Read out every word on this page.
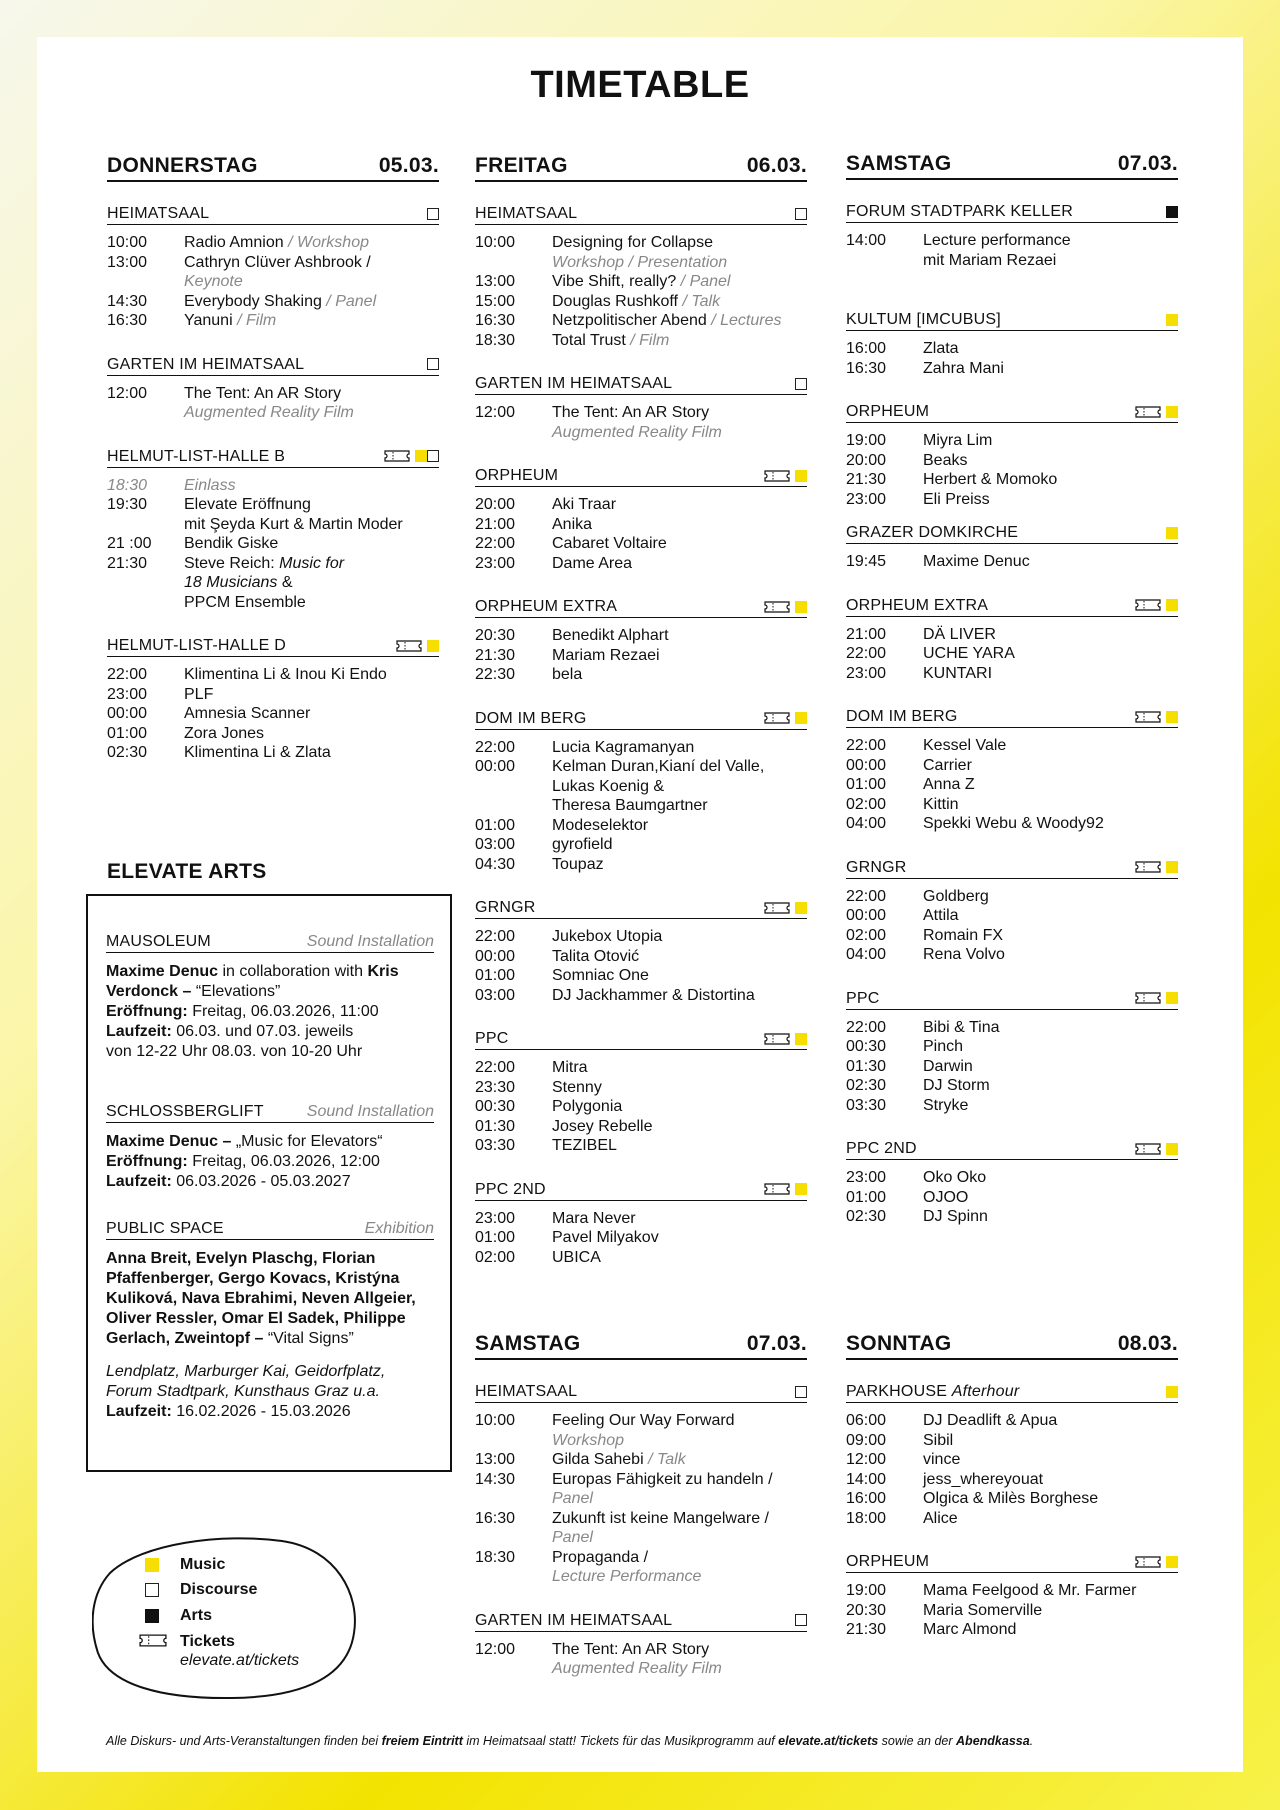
TIMETABLE
DONNERSTAG	05.03.
HEIMATSAAL
10:00	Radio Amnion / Workshop
13:00	Cathryn Clüver Ashbrook /
Keynote
14:30	Everybody Shaking / Panel
16:30	Yanuni / Film
GARTEN IM HEIMATSAAL
12:00	The Tent: An AR Story
Augmented Reality Film
HELMUT-LIST-HALLE B
18:30	Einlass
19:30	Elevate Eröffnung
mit Şeyda Kurt & Martin Moder
21 :00	Bendik Giske
21:30	Steve Reich: Music for
18 Musicians &
PPCM Ensemble
HELMUT-LIST-HALLE D
22:00	Klimentina Li & Inou Ki Endo
23:00	PLF
00:00	Amnesia Scanner
01:00	Zora Jones
02:30	Klimentina Li & Zlata
ELEVATE ARTS
MAUSOLEUM	Sound Installation
Maxime Denuc in collaboration with Kris
Verdonck – “Elevations”
Eröffnung: Freitag, 06.03.2026, 11:00
Laufzeit: 06.03. und 07.03. jeweils
von 12-22 Uhr 08.03. von 10-20 Uhr
SCHLOSSBERGLIFT	Sound Installation
Maxime Denuc – „Music for Elevators“
Eröffnung: Freitag, 06.03.2026, 12:00
Laufzeit: 06.03.2026 - 05.03.2027
PUBLIC SPACE	Exhibition
Anna Breit, Evelyn Plaschg, Florian
Pfaffenberger, Gergo Kovacs, Kristýna
Kuliková, Nava Ebrahimi, Neven Allgeier,
Oliver Ressler, Omar El Sadek, Philippe
Gerlach, Zweintopf – “Vital Signs”
Lendplatz, Marburger Kai, Geidorfplatz,
Forum Stadtpark, Kunsthaus Graz u.a.
Laufzeit: 16.02.2026 - 15.03.2026
Music
Discourse
Arts
Tickets
elevate.at/tickets
FREITAG	06.03.
HEIMATSAAL
10:00	Designing for Collapse
Workshop / Presentation
13:00	Vibe Shift, really? / Panel
15:00	Douglas Rushkoff / Talk
16:30	Netzpolitischer Abend / Lectures
18:30	Total Trust / Film
GARTEN IM HEIMATSAAL
12:00	The Tent: An AR Story
Augmented Reality Film
ORPHEUM
20:00	Aki Traar
21:00	Anika
22:00	Cabaret Voltaire
23:00	Dame Area
ORPHEUM EXTRA
20:30	Benedikt Alphart
21:30	Mariam Rezaei
22:30	bela
DOM IM BERG
22:00	Lucia Kagramanyan
00:00	Kelman Duran,Kianí del Valle,
Lukas Koenig &
Theresa Baumgartner
01:00	Modeselektor
03:00	gyrofield
04:30	Toupaz
GRNGR
22:00	Jukebox Utopia
00:00	Talita Otović
01:00	Somniac One
03:00	DJ Jackhammer & Distortina
PPC
22:00	Mitra
23:30	Stenny
00:30	Polygonia
01:30	Josey Rebelle
03:30	TEZIBEL
PPC 2ND
23:00	Mara Never
01:00	Pavel Milyakov
02:00	UBICA
SAMSTAG	07.03.
HEIMATSAAL
10:00	Feeling Our Way Forward
Workshop
13:00	Gilda Sahebi / Talk
14:30	Europas Fähigkeit zu handeln /
Panel
16:30	Zukunft ist keine Mangelware /
Panel
18:30	Propaganda /
Lecture Performance
GARTEN IM HEIMATSAAL
12:00	The Tent: An AR Story
Augmented Reality Film
SAMSTAG	07.03.
FORUM STADTPARK KELLER
14:00	Lecture performance
mit Mariam Rezaei
KULTUM [IMCUBUS]
16:00	Zlata
16:30	Zahra Mani
ORPHEUM
19:00	Miyra Lim
20:00	Beaks
21:30	Herbert & Momoko
23:00	Eli Preiss
GRAZER DOMKIRCHE
19:45	Maxime Denuc
ORPHEUM EXTRA
21:00	DÄ LIVER
22:00	UCHE YARA
23:00	KUNTARI
DOM IM BERG
22:00	Kessel Vale
00:00	Carrier
01:00	Anna Z
02:00	Kittin
04:00	Spekki Webu & Woody92
GRNGR
22:00	Goldberg
00:00	Attila
02:00	Romain FX
04:00	Rena Volvo
PPC
22:00	Bibi & Tina
00:30	Pinch
01:30	Darwin
02:30	DJ Storm
03:30	Stryke
PPC 2ND
23:00	Oko Oko
01:00	OJOO
02:30	DJ Spinn
SONNTAG	08.03.
PARKHOUSE Afterhour
06:00	DJ Deadlift & Apua
09:00	Sibil
12:00	vince
14:00	jess_whereyouat
16:00	Olgica & Milès Borghese
18:00	Alice
ORPHEUM
19:00	Mama Feelgood & Mr. Farmer
20:30	Maria Somerville
21:30	Marc Almond
Alle Diskurs- und Arts-Veranstaltungen finden bei freiem Eintritt im Heimatsaal statt! Tickets für das Musikprogramm auf elevate.at/tickets sowie an der Abendkassa.
